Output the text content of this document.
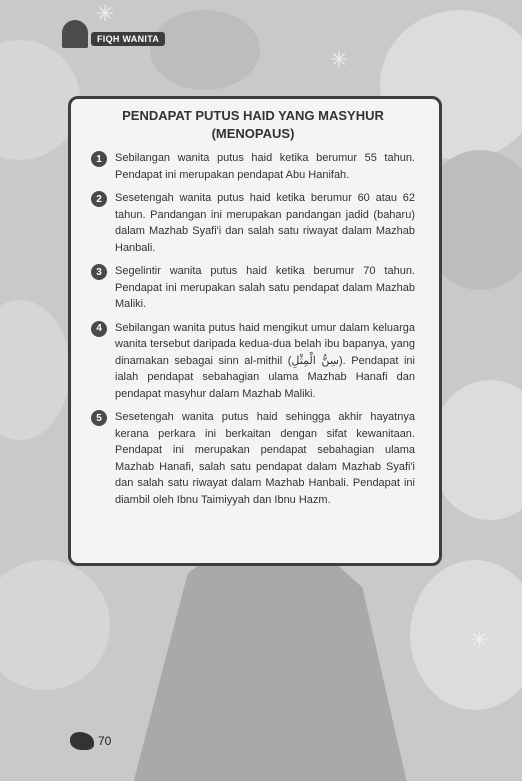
✳
✳
✳
FIQH WANITA
PENDAPAT PUTUS HAID YANG MASYHUR
(MENOPAUS)
1	Sebilangan wanita putus haid ketika berumur 55 tahun. Pendapat ini merupakan pendapat Abu Hanifah.
2	Sesetengah wanita putus haid ketika berumur 60 atau 62 tahun. Pandangan ini merupakan pandangan jadid (baharu) dalam Mazhab Syafi'i dan salah satu riwayat dalam Mazhab Hanbali.
3	Segelintir wanita putus haid ketika berumur 70 tahun. Pendapat ini merupakan salah satu pendapat dalam Mazhab Maliki.
4	Sebilangan wanita putus haid mengikut umur dalam keluarga wanita tersebut daripada kedua-dua belah ibu bapanya, yang dinamakan sebagai sinn al-mithil (سِنُّ الْمِثْلِ). Pendapat ini ialah pendapat sebahagian ulama Mazhab Hanafi dan pendapat masyhur dalam Mazhab Maliki.
5	Sesetengah wanita putus haid sehingga akhir hayatnya kerana perkara ini berkaitan dengan sifat kewanitaan. Pendapat ini merupakan pendapat sebahagian ulama Mazhab Hanafi, salah satu pendapat dalam Mazhab Syafi'i dan salah satu riwayat dalam Mazhab Hanbali. Pendapat ini diambil oleh Ibnu Taimiyyah dan Ibnu Hazm.
70
